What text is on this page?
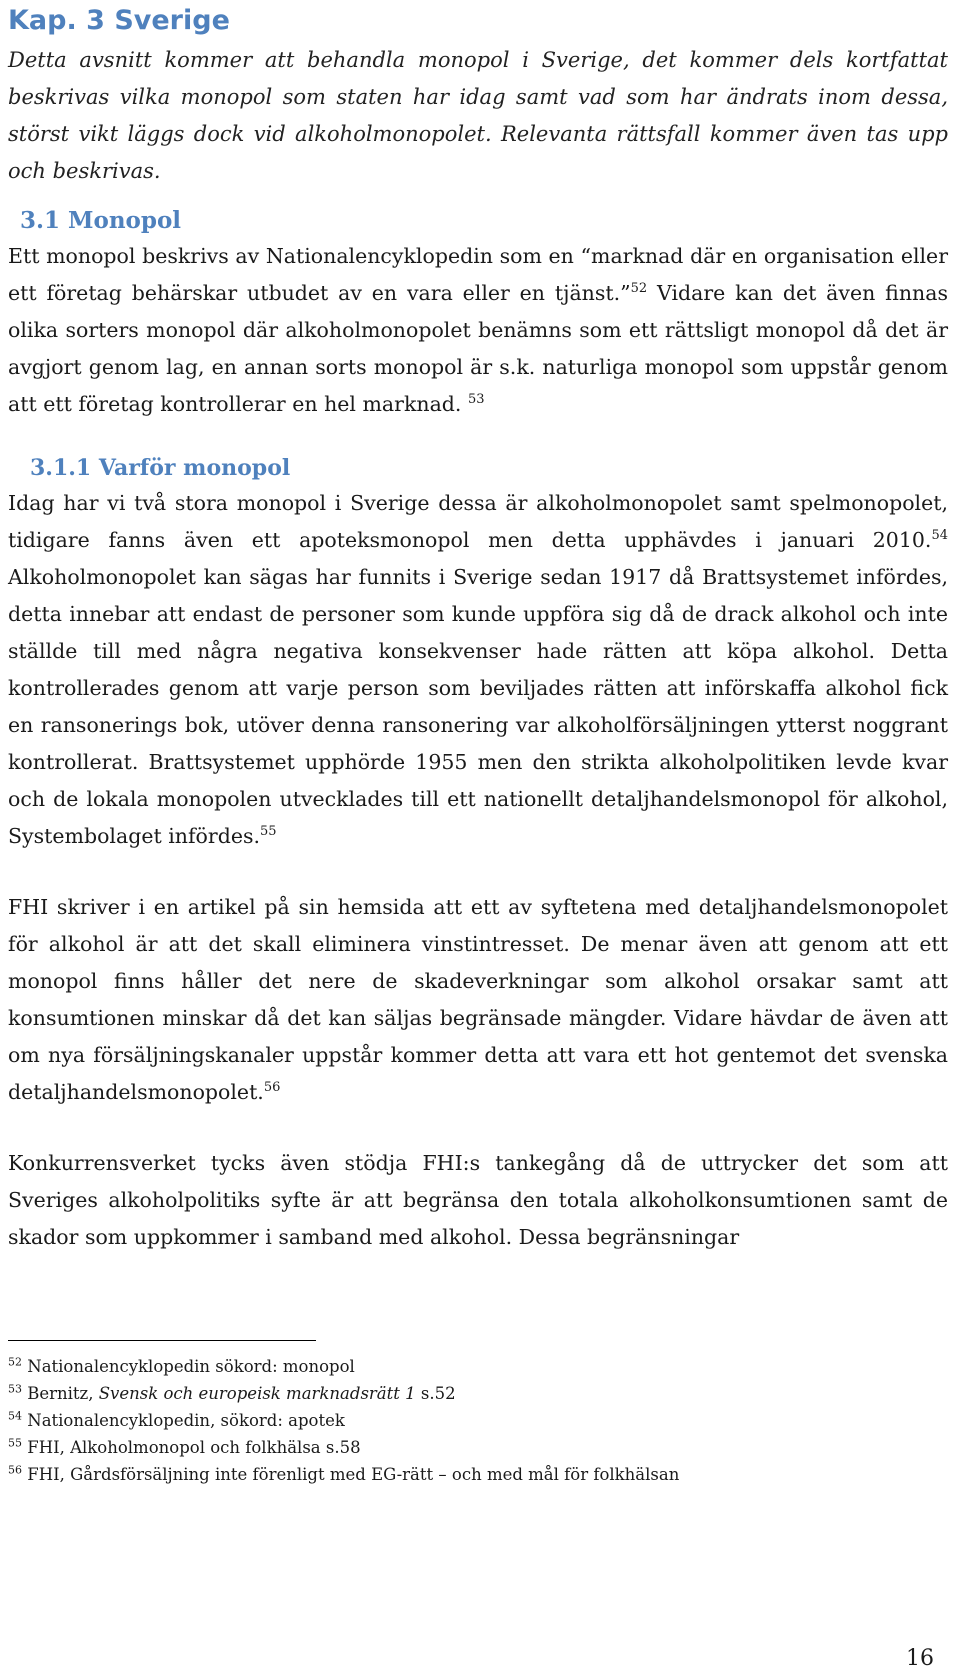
Kap. 3 Sverige

Detta avsnitt kommer att behandla monopol i Sverige, det kommer dels kortfattat beskrivas vilka monopol som staten har idag samt vad som har ändrats inom dessa, störst vikt läggs dock vid alkoholmonopolet. Relevanta rättsfall kommer även tas upp och beskrivas.

3.1 Monopol

Ett monopol beskrivs av Nationalencyklopedin som en “marknad där en organisation eller ett företag behärskar utbudet av en vara eller en tjänst.”$^{52}$ Vidare kan det även finnas olika sorters monopol där alkoholmonopolet benämns som ett rättsligt monopol då det är avgjort genom lag, en annan sorts monopol är s.k. naturliga monopol som uppstår genom att ett företag kontrollerar en hel marknad. $^{53}$

3.1.1 Varför monopol

Idag har vi två stora monopol i Sverige dessa är alkoholmonopolet samt spelmonopolet, tidigare fanns även ett apoteksmonopol men detta upphävdes i januari 2010.54 Alkoholmonopolet kan sägas har funnits i Sverige sedan 1917 då Brattsystemet infördes, detta innebar att endast de personer som kunde uppföra sig då de drack alkohol och inte ställde till med några negativa konsekvenser hade rätten att köpa alkohol. Detta kontrollerades genom att varje person som beviljades rätten att införskaffa alkohol fick en ransonerings bok, utöver denna ransonering var alkoholförsäljningen ytterst noggrant kontrollerat. Brattsystemet upphörde 1955 men den strikta alkoholpolitiken levde kvar och de lokala monopolen utvecklades till ett nationellt detaljhandelsmonopol för alkohol, Systembolaget infördes.$^{55}$

FHI skriver i en artikel på sin hemsida att ett av syftetena med detaljhandelsmonopolet för alkohol är att det skall eliminera vinstintresset. De menar även att genom att ett monopol finns håller det nere de skadeverkningar som alkohol orsakar samt att konsumtionen minskar då det kan säljas begränsade mängder. Vidare hävdar de även att om nya försäljningskanaler uppstår kommer detta att vara ett hot gentemot det svenska detaljhandelsmonopolet.$^{56}$

Konkurrensverket tycks även stödja FHI:s tankegång då de uttrycker det som att Sveriges alkoholpolitiks syfte är att begränsa den totala alkoholkonsumtionen samt de skador som uppkommer i samband med alkohol. Dessa begränsningar

$^{52}$ Nationalencyklopedin sökord: monopol
$^{53}$ Bernitz, Svensk och europeisk marknadsrätt 1 s.52
$^{54}$ Nationalencyklopedin, sökord: apotek
$^{55}$ FHI, Alkoholmonopol och folkhälsa s.58
$^{56}$ FHI, Gårdsförsäljning inte förenligt med EG-rätt – och med mål för folkhälsan
16
